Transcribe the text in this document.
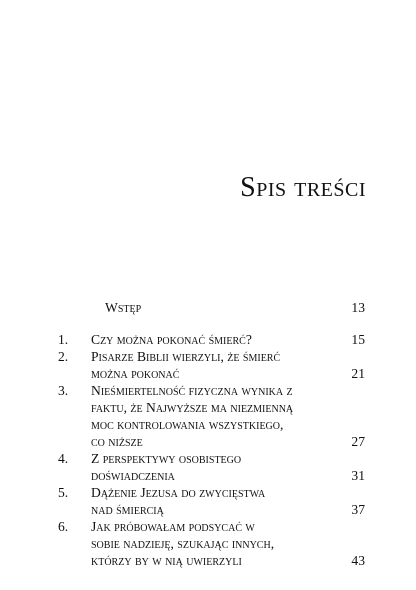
Spis treści
Wstęp	13
1. Czy można pokonać śmierć?	15
2. Pisarze Biblii wierzyli, że śmierć
można pokonać	21
3. Nieśmiertelność fizyczna wynika z
faktu, że Najwyższe ma niezmienną
moc kontrolowania wszystkiego,
co niższe	27
4. Z perspektywy osobistego
doświadczenia	31
5. Dążenie Jezusa do zwycięstwa
nad śmiercią	37
6. Jak próbowałam podsycać w
sobie nadzieję, szukając innych,
którzy by w nią uwierzyli	43
